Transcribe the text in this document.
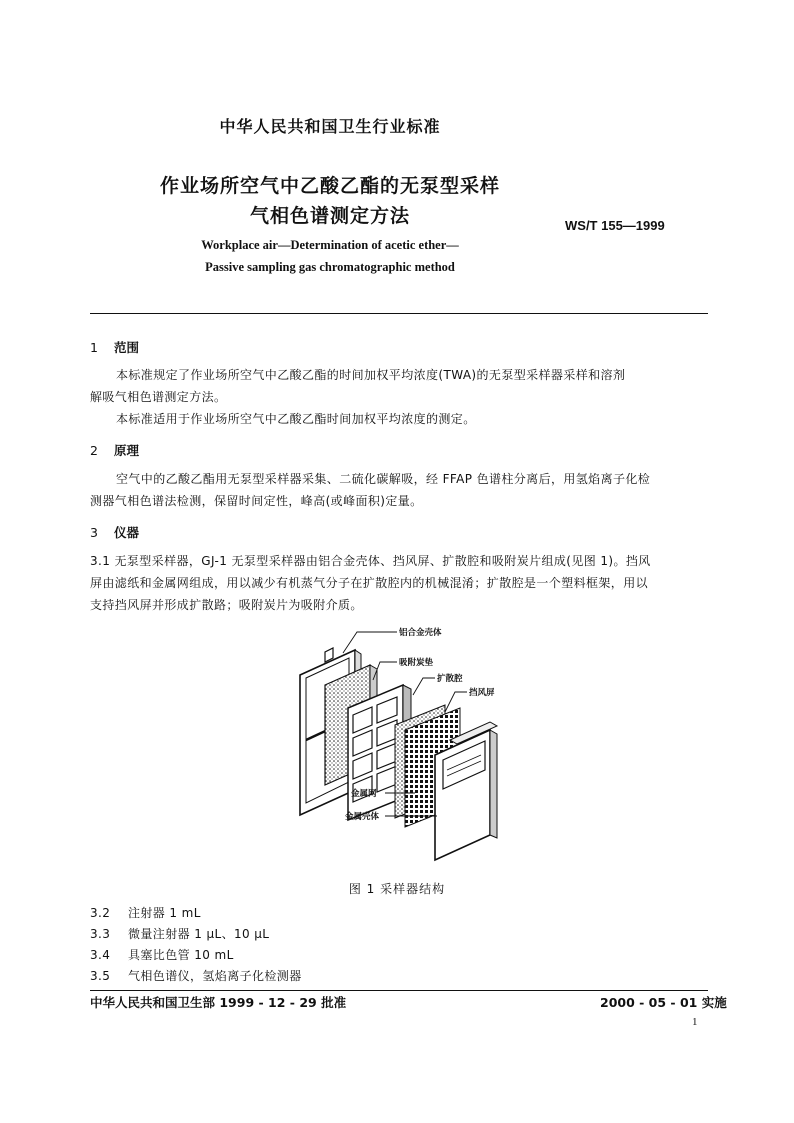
中华人民共和国卫生行业标准
作业场所空气中乙酸乙酯的无泵型采样
气相色谱测定方法	WS/T 155—1999
Workplace air—Determination of acetic ether—
Passive sampling gas chromatographic method
1 范围
本标准规定了作业场所空气中乙酸乙酯的时间加权平均浓度(TWA)的无泵型采样器采样和溶剂
解吸气相色谱测定方法。
本标准适用于作业场所空气中乙酸乙酯时间加权平均浓度的测定。
2 原理
空气中的乙酸乙酯用无泵型采样器采集、二硫化碳解吸，经 FFAP 色谱柱分离后，用氢焰离子化检
测器气相色谱法检测，保留时间定性，峰高(或峰面积)定量。
3 仪器
3.1 无泵型采样器，GJ-1 无泵型采样器由铝合金壳体、挡风屏、扩散腔和吸附炭片组成(见图 1)。挡风
屏由滤纸和金属网组成，用以减少有机蒸气分子在扩散腔内的机械混淆；扩散腔是一个塑料框架，用以
支持挡风屏并形成扩散路；吸附炭片为吸附介质。
铝合金壳体
吸附炭垫
扩散腔
挡风屏
金属网
金属壳体
图 1 采样器结构
3.2 注射器 1 mL
3.3 微量注射器 1 μL、10 μL
3.4 具塞比色管 10 mL
3.5 气相色谱仪，氢焰离子化检测器
中华人民共和国卫生部 1999 - 12 - 29 批准	2000 - 05 - 01 实施
1
